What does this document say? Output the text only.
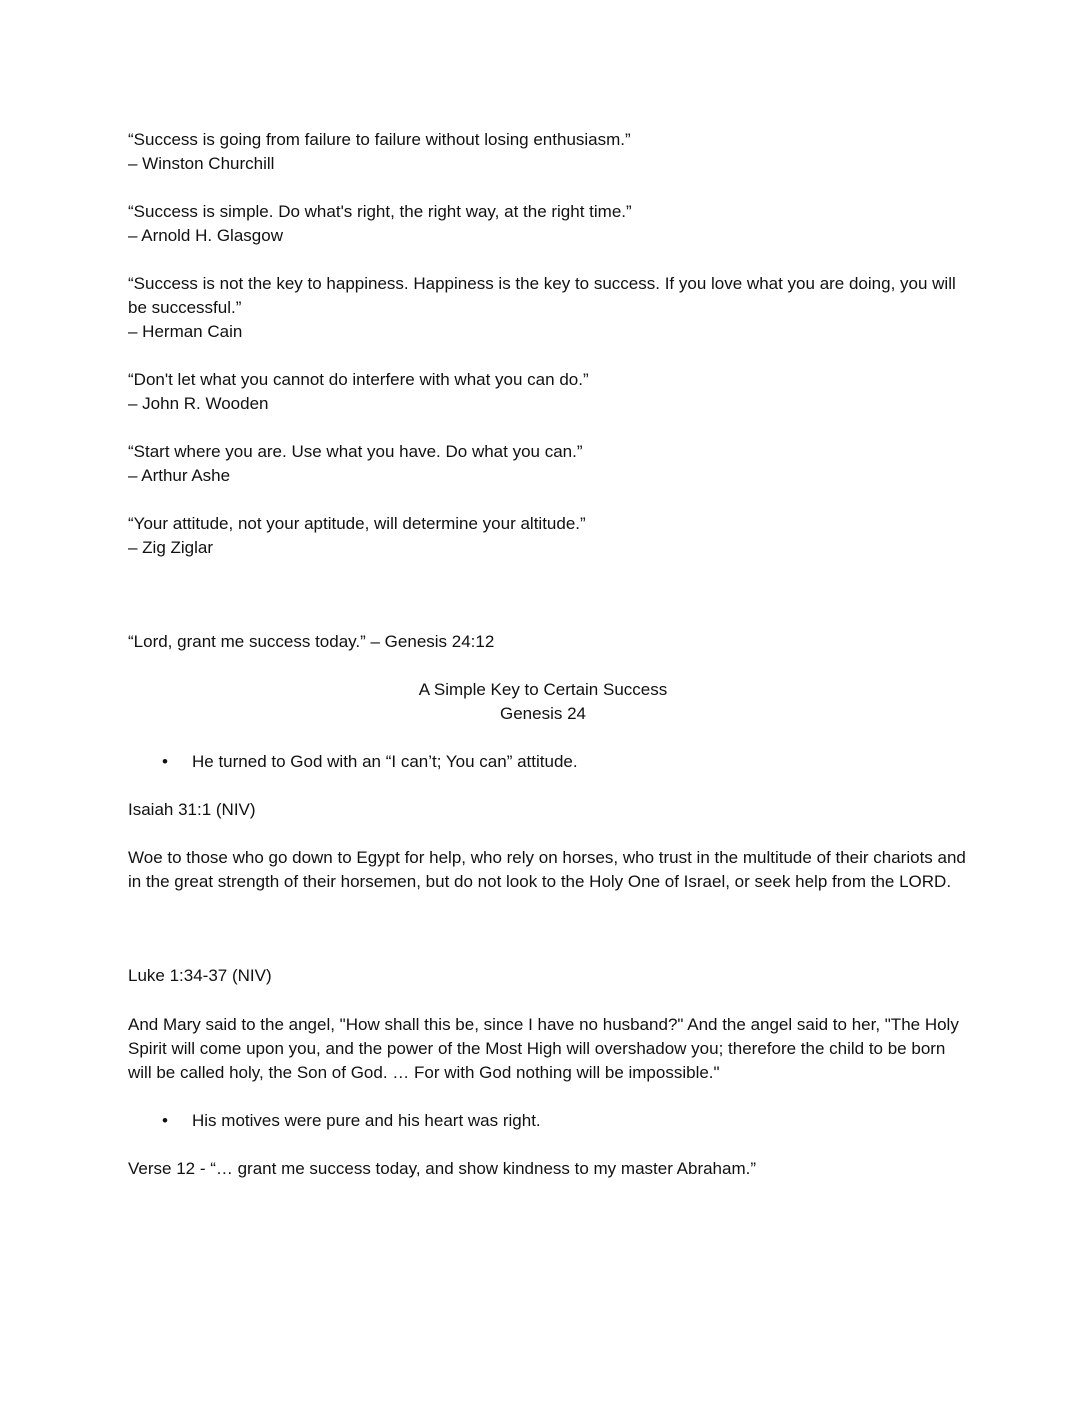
“Success is going from failure to failure without losing enthusiasm.”
– Winston Churchill
“Success is simple. Do what's right, the right way, at the right time.”
– Arnold H. Glasgow
“Success is not the key to happiness. Happiness is the key to success. If you love what you are doing, you will be successful.”
– Herman Cain
“Don't let what you cannot do interfere with what you can do.”
– John R. Wooden
“Start where you are. Use what you have. Do what you can.”
– Arthur Ashe
“Your attitude, not your aptitude, will determine your altitude.”
– Zig Ziglar
“Lord, grant me success today.” – Genesis 24:12
A Simple Key to Certain Success
Genesis 24
• He turned to God with an “I can’t; You can” attitude.
Isaiah 31:1 (NIV)
Woe to those who go down to Egypt for help, who rely on horses, who trust in the multitude of their chariots and in the great strength of their horsemen, but do not look to the Holy One of Israel, or seek help from the LORD.
Luke 1:34-37 (NIV)
And Mary said to the angel, "How shall this be, since I have no husband?" And the angel said to her, "The Holy Spirit will come upon you, and the power of the Most High will overshadow you; therefore the child to be born will be called holy, the Son of God. … For with God nothing will be impossible."
• His motives were pure and his heart was right.
Verse 12 - “… grant me success today, and show kindness to my master Abraham.”
